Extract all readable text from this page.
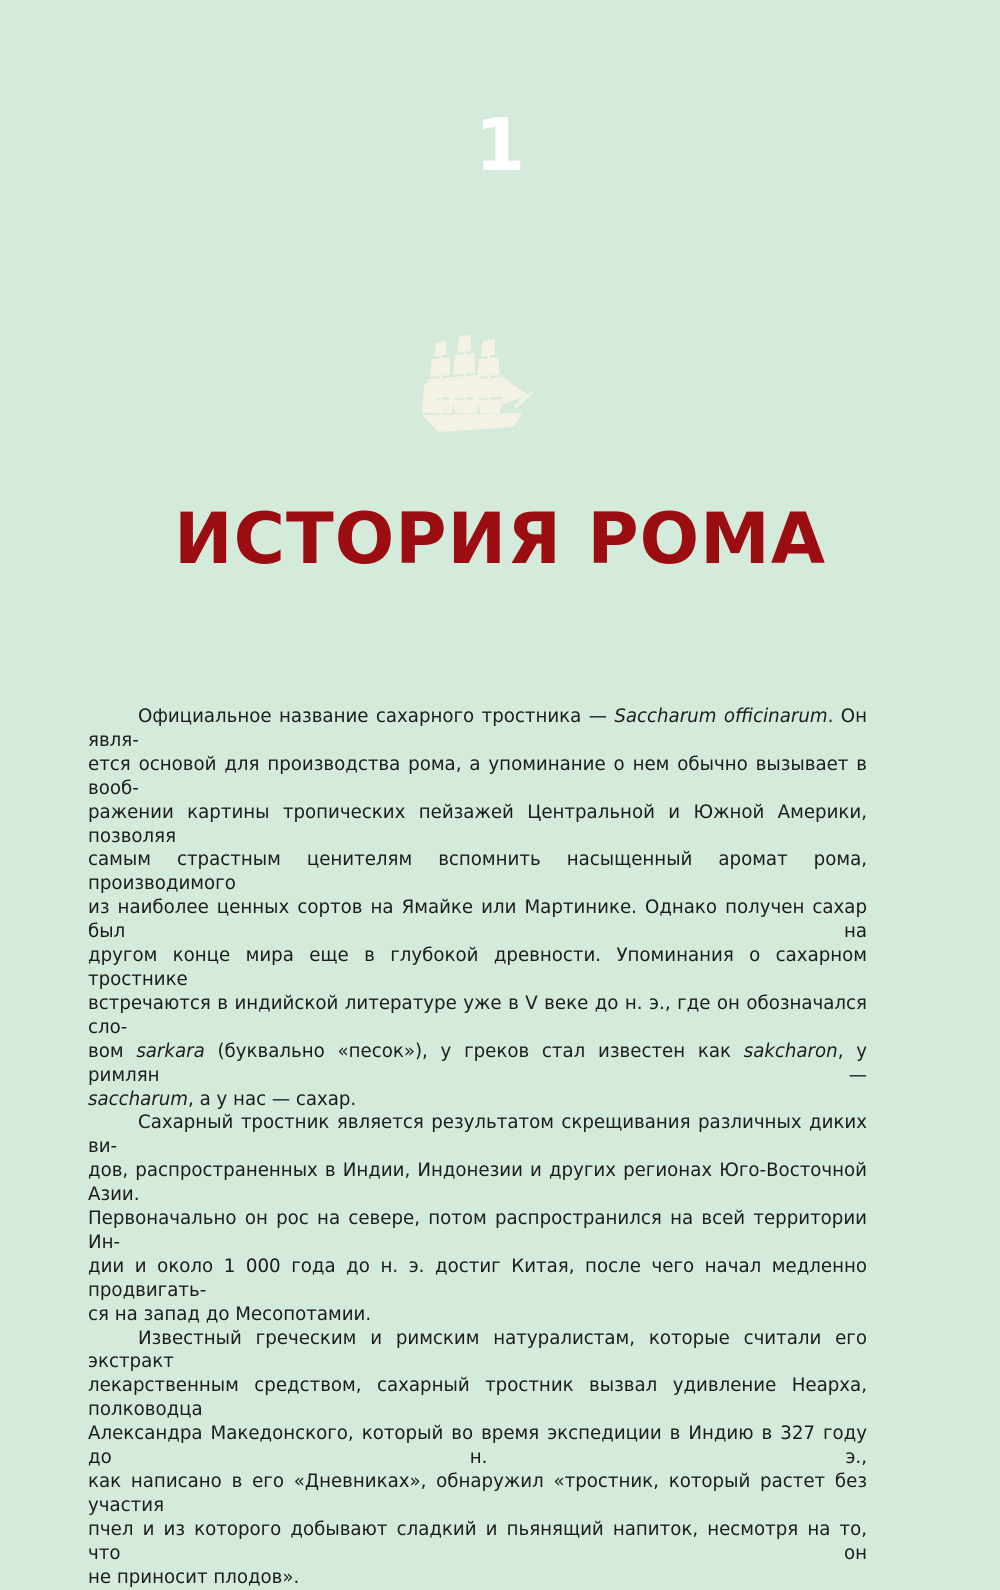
1
ИСТОРИЯ РОМА

Официальное название сахарного тростника — Saccharum officinarum. Он явля-
ется основой для производства рома, а упоминание о нем обычно вызывает в вооб-
ражении картины тропических пейзажей Центральной и Южной Америки, позволяя
самым страстным ценителям вспомнить насыщенный аромат рома, производимого
из наиболее ценных сортов на Ямайке или Мартинике. Однако получен сахар был на
другом конце мира еще в глубокой древности. Упоминания о сахарном тростнике
встречаются в индийской литературе уже в V веке до н. э., где он обозначался сло-
вом sarkara (буквально «песок»), у греков стал известен как sakcharon, у римлян —
saccharum, а у нас — сахар.

Сахарный тростник является результатом скрещивания различных диких ви-
дов, распространенных в Индии, Индонезии и других регионах Юго-Восточной Азии.
Первоначально он рос на севере, потом распространился на всей территории Ин-
дии и около 1 000 года до н. э. достиг Китая, после чего начал медленно продвигать-
ся на запад до Месопотамии.

Известный греческим и римским натуралистам, которые считали его экстракт
лекарственным средством, сахарный тростник вызвал удивление Неарха, полководца
Александра Македонского, который во время экспедиции в Индию в 327 году до н. э.,
как написано в его «Дневниках», обнаружил «тростник, который растет без участия
пчел и из которого добывают сладкий и пьянящий напиток, несмотря на то, что он
не приносит плодов».
